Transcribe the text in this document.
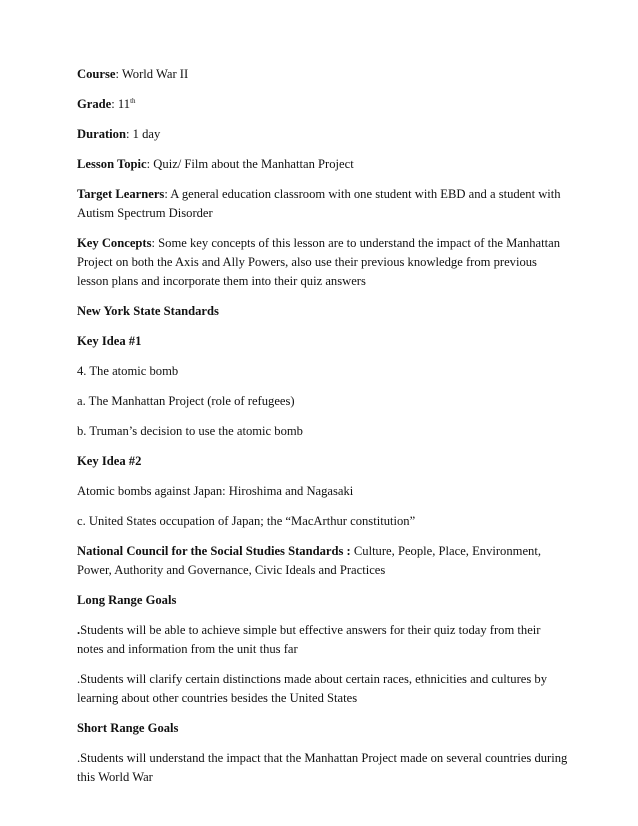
Course: World War II

Grade: 11th

Duration: 1 day

Lesson Topic: Quiz/ Film about the Manhattan Project

Target Learners: A general education classroom with one student with EBD and a student with
Autism Spectrum Disorder

Key Concepts: Some key concepts of this lesson are to understand the impact of the Manhattan
Project on both the Axis and Ally Powers, also use their previous knowledge from previous
lesson plans and incorporate them into their quiz answers

New York State Standards

Key Idea #1

4. The atomic bomb

a. The Manhattan Project (role of refugees)

b. Truman’s decision to use the atomic bomb

Key Idea #2

Atomic bombs against Japan: Hiroshima and Nagasaki

c. United States occupation of Japan; the “MacArthur constitution”

National Council for the Social Studies Standards : Culture, People, Place, Environment,
Power, Authority and Governance, Civic Ideals and Practices

Long Range Goals

.Students will be able to achieve simple but effective answers for their quiz today from their
notes and information from the unit thus far

.Students will clarify certain distinctions made about certain races, ethnicities and cultures by
learning about other countries besides the United States

Short Range Goals

.Students will understand the impact that the Manhattan Project made on several countries during
this World War
